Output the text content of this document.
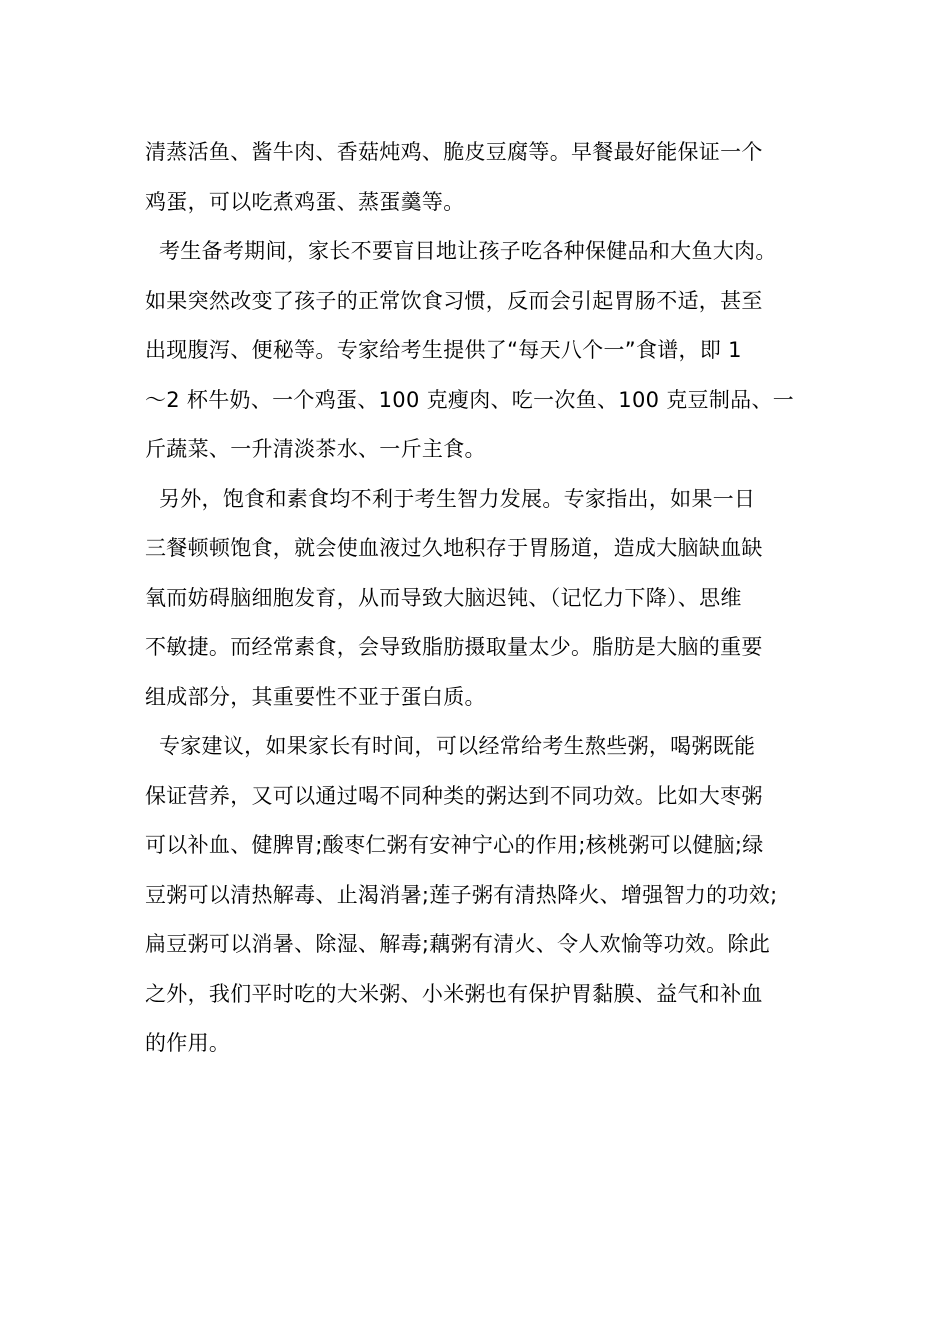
清蒸活鱼、酱牛肉、香菇炖鸡、脆皮豆腐等。早餐最好能保证一个
鸡蛋，可以吃煮鸡蛋、蒸蛋羹等。

考生备考期间，家长不要盲目地让孩子吃各种保健品和大鱼大肉。
如果突然改变了孩子的正常饮食习惯，反而会引起胃肠不适，甚至
出现腹泻、便秘等。专家给考生提供了“每天八个一”食谱，即 1
～2 杯牛奶、一个鸡蛋、100 克瘦肉、吃一次鱼、100 克豆制品、一
斤蔬菜、一升清淡茶水、一斤主食。

另外，饱食和素食均不利于考生智力发展。专家指出，如果一日
三餐顿顿饱食，就会使血液过久地积存于胃肠道，造成大脑缺血缺
氧而妨碍脑细胞发育，从而导致大脑迟钝、（记忆力下降）、思维
不敏捷。而经常素食，会导致脂肪摄取量太少。脂肪是大脑的重要
组成部分，其重要性不亚于蛋白质。

专家建议，如果家长有时间，可以经常给考生熬些粥，喝粥既能
保证营养，又可以通过喝不同种类的粥达到不同功效。比如大枣粥
可以补血、健脾胃;酸枣仁粥有安神宁心的作用;核桃粥可以健脑;绿
豆粥可以清热解毒、止渴消暑;莲子粥有清热降火、增强智力的功效;
扁豆粥可以消暑、除湿、解毒;藕粥有清火、令人欢愉等功效。除此
之外，我们平时吃的大米粥、小米粥也有保护胃黏膜、益气和补血
的作用。
